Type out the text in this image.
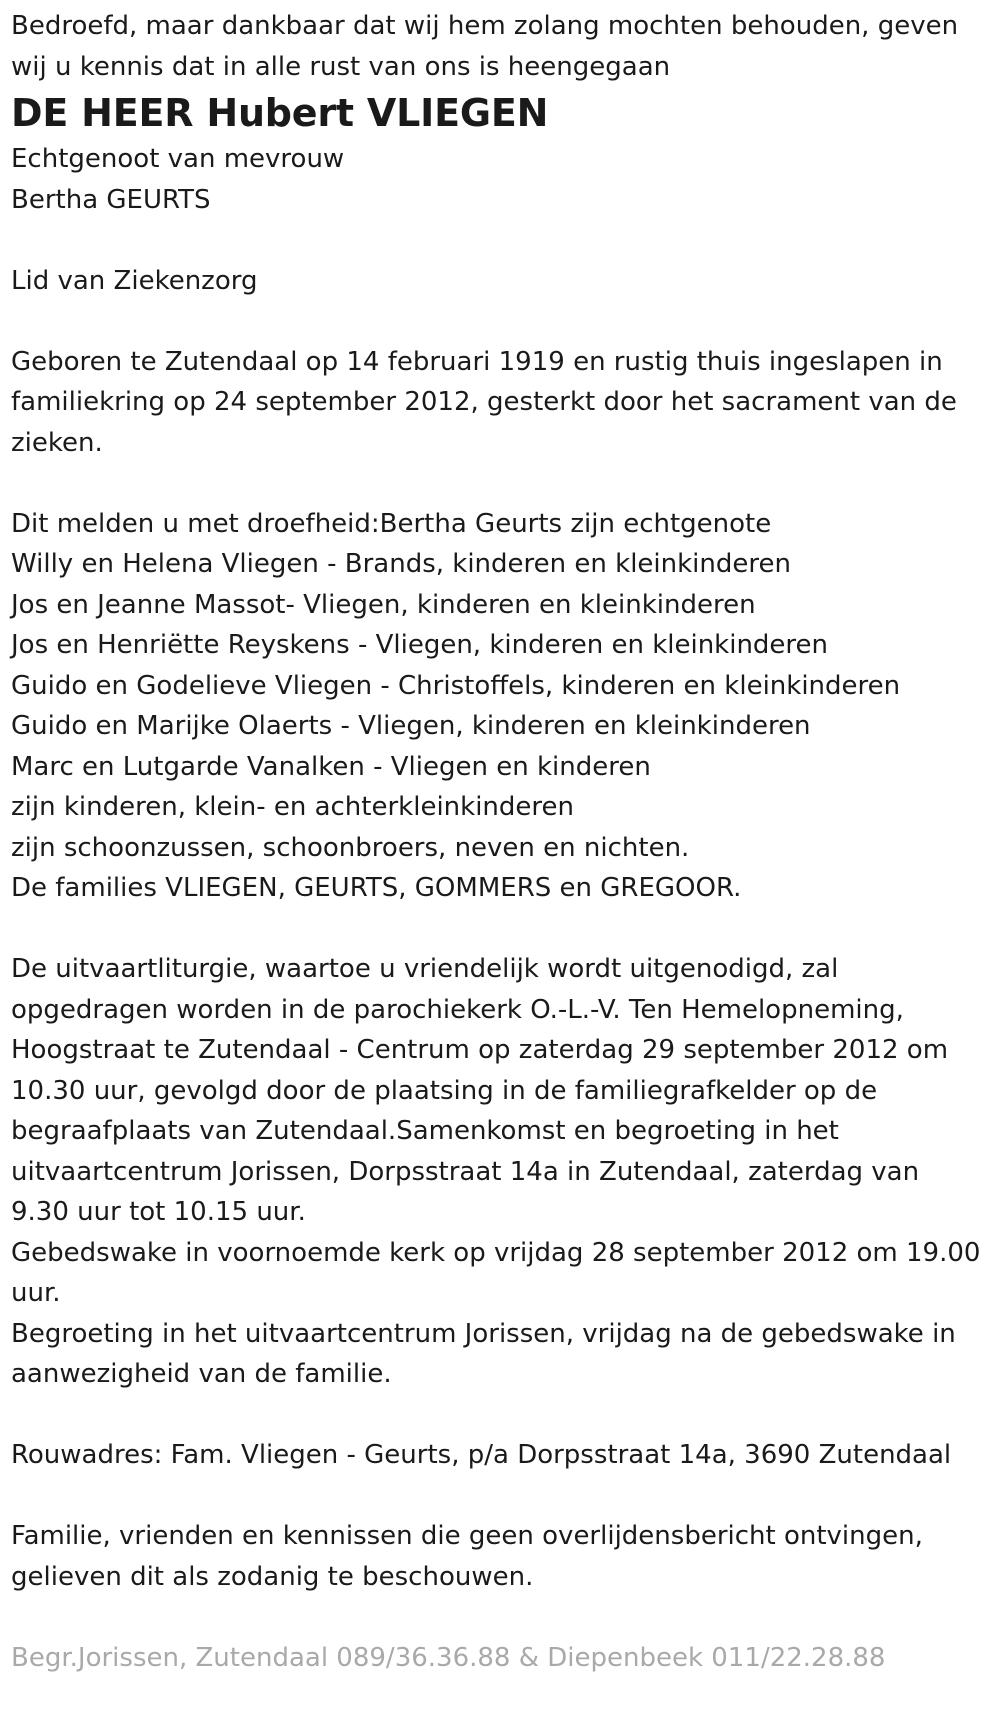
Bedroefd, maar dankbaar dat wij hem zolang mochten behouden, geven

wij u kennis dat in alle rust van ons is heengegaan

DE HEER Hubert VLIEGEN

Echtgenoot van mevrouw

Bertha GEURTS

Lid van Ziekenzorg

Geboren te Zutendaal op 14 februari 1919 en rustig thuis ingeslapen in

familiekring op 24 september 2012, gesterkt door het sacrament van de

zieken.

Dit melden u met droefheid:Bertha Geurts zijn echtgenote

Willy en Helena Vliegen - Brands, kinderen en kleinkinderen

Jos en Jeanne Massot- Vliegen, kinderen en kleinkinderen

Jos en Henriëtte Reyskens - Vliegen, kinderen en kleinkinderen

Guido en Godelieve Vliegen - Christoffels, kinderen en kleinkinderen

Guido en Marijke Olaerts - Vliegen, kinderen en kleinkinderen

Marc en Lutgarde Vanalken - Vliegen en kinderen

zijn kinderen, klein- en achterkleinkinderen

zijn schoonzussen, schoonbroers, neven en nichten.

De families VLIEGEN, GEURTS, GOMMERS en GREGOOR.

De uitvaartliturgie, waartoe u vriendelijk wordt uitgenodigd, zal

opgedragen worden in de parochiekerk O.-L.-V. Ten Hemelopneming,

Hoogstraat te Zutendaal - Centrum op zaterdag 29 september 2012 om

10.30 uur, gevolgd door de plaatsing in de familiegrafkelder op de

begraafplaats van Zutendaal.Samenkomst en begroeting in het

uitvaartcentrum Jorissen, Dorpsstraat 14a in Zutendaal, zaterdag van

9.30 uur tot 10.15 uur.

Gebedswake in voornoemde kerk op vrijdag 28 september 2012 om 19.00

uur.

Begroeting in het uitvaartcentrum Jorissen, vrijdag na de gebedswake in

aanwezigheid van de familie.

Rouwadres: Fam. Vliegen - Geurts, p/a Dorpsstraat 14a, 3690 Zutendaal

Familie, vrienden en kennissen die geen overlijdensbericht ontvingen,

gelieven dit als zodanig te beschouwen.

Begr.Jorissen, Zutendaal 089/36.36.88 & Diepenbeek 011/22.28.88
